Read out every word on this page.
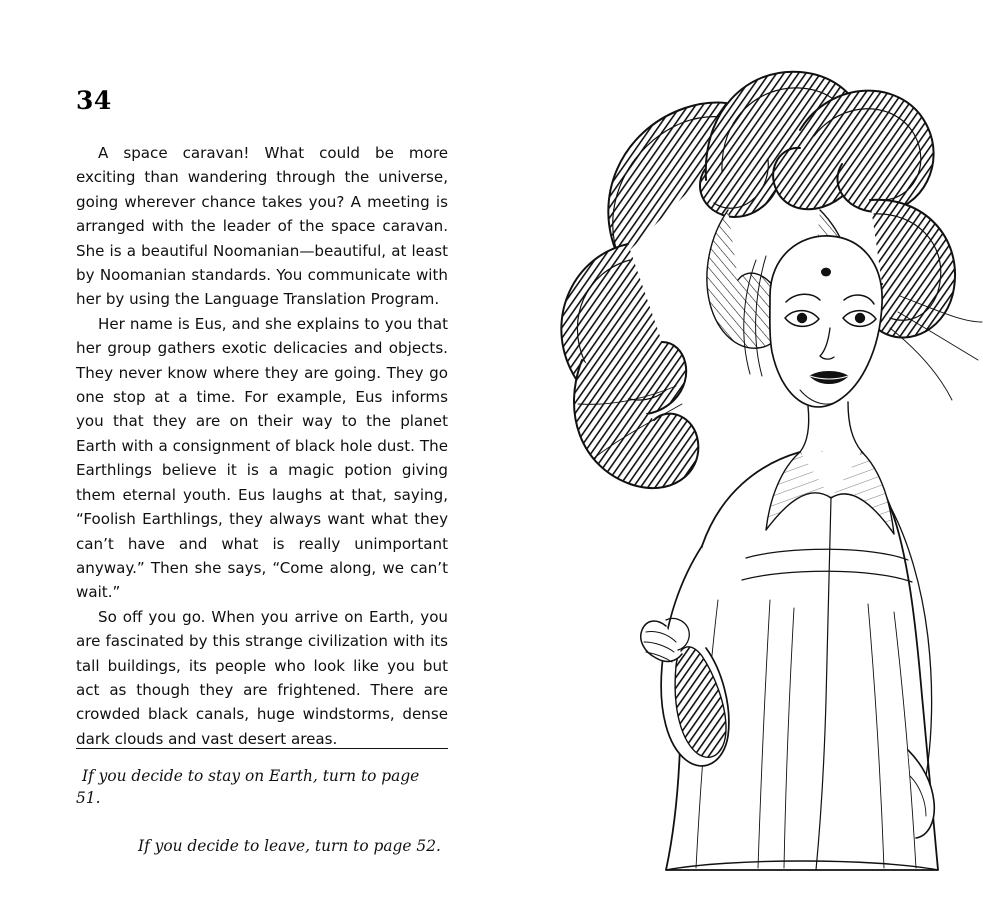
34

A space caravan! What could be more exciting than wandering through the universe, going wherever chance takes you? A meeting is arranged with the leader of the space caravan. She is a beautiful Noomanian—beautiful, at least by Noomanian standards. You communicate with her by using the Language Translation Program.

Her name is Eus, and she explains to you that her group gathers exotic delicacies and objects. They never know where they are going. They go one stop at a time. For example, Eus informs you that they are on their way to the planet Earth with a consignment of black hole dust. The Earthlings believe it is a magic potion giving them eternal youth. Eus laughs at that, saying, “Foolish Earthlings, they always want what they can’t have and what is really unimportant anyway.” Then she says, “Come along, we can’t wait.”

So off you go. When you arrive on Earth, you are fascinated by this strange civilization with its tall buildings, its people who look like you but act as though they are frightened. There are crowded black canals, huge windstorms, dense dark clouds and vast desert areas.

If you decide to stay on Earth, turn to page 51.

If you decide to leave, turn to page 52.
